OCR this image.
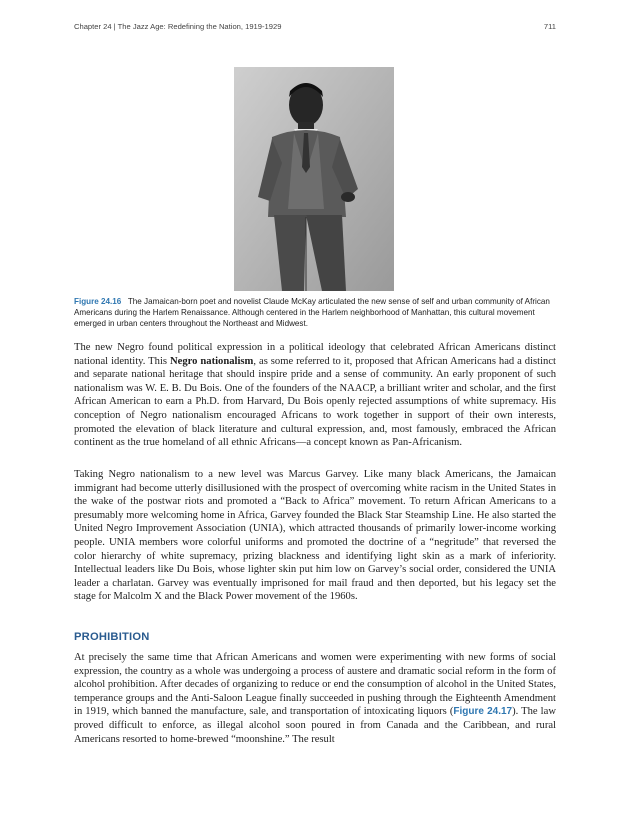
Chapter 24 | The Jazz Age: Redefining the Nation, 1919-1929	711
Figure 24.16 The Jamaican-born poet and novelist Claude McKay articulated the new sense of self and urban community of African Americans during the Harlem Renaissance. Although centered in the Harlem neighborhood of Manhattan, this cultural movement emerged in urban centers throughout the Northeast and Midwest.

The new Negro found political expression in a political ideology that celebrated African Americans distinct national identity. This Negro nationalism, as some referred to it, proposed that African Americans had a distinct and separate national heritage that should inspire pride and a sense of community. An early proponent of such nationalism was W. E. B. Du Bois. One of the founders of the NAACP, a brilliant writer and scholar, and the first African American to earn a Ph.D. from Harvard, Du Bois openly rejected assumptions of white supremacy. His conception of Negro nationalism encouraged Africans to work together in support of their own interests, promoted the elevation of black literature and cultural expression, and, most famously, embraced the African continent as the true homeland of all ethnic Africans—a concept known as Pan-Africanism.

Taking Negro nationalism to a new level was Marcus Garvey. Like many black Americans, the Jamaican immigrant had become utterly disillusioned with the prospect of overcoming white racism in the United States in the wake of the postwar riots and promoted a “Back to Africa” movement. To return African Americans to a presumably more welcoming home in Africa, Garvey founded the Black Star Steamship Line. He also started the United Negro Improvement Association (UNIA), which attracted thousands of primarily lower-income working people. UNIA members wore colorful uniforms and promoted the doctrine of a “negritude” that reversed the color hierarchy of white supremacy, prizing blackness and identifying light skin as a mark of inferiority. Intellectual leaders like Du Bois, whose lighter skin put him low on Garvey’s social order, considered the UNIA leader a charlatan. Garvey was eventually imprisoned for mail fraud and then deported, but his legacy set the stage for Malcolm X and the Black Power movement of the 1960s.

PROHIBITION

At precisely the same time that African Americans and women were experimenting with new forms of social expression, the country as a whole was undergoing a process of austere and dramatic social reform in the form of alcohol prohibition. After decades of organizing to reduce or end the consumption of alcohol in the United States, temperance groups and the Anti-Saloon League finally succeeded in pushing through the Eighteenth Amendment in 1919, which banned the manufacture, sale, and transportation of intoxicating liquors (Figure 24.17). The law proved difficult to enforce, as illegal alcohol soon poured in from Canada and the Caribbean, and rural Americans resorted to home-brewed “moonshine.” The result
